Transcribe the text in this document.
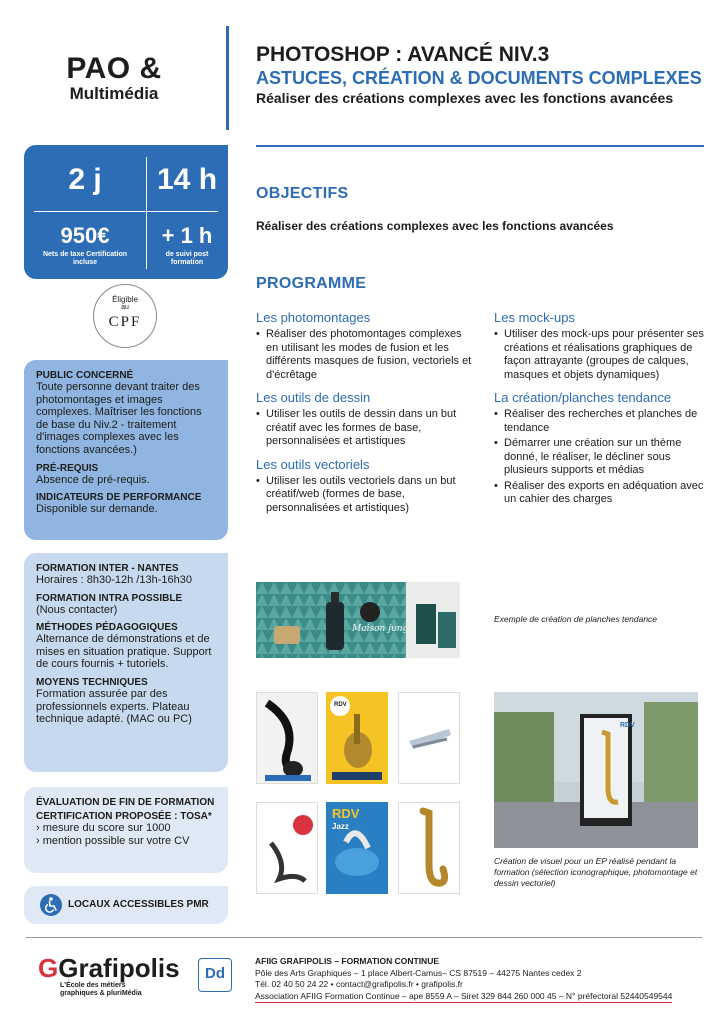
PAO &
Multimédia
PHOTOSHOP : AVANCÉ NIV.3
ASTUCES, CRÉATION & DOCUMENTS COMPLEXES
Réaliser des créations complexes avec les fonctions avancées
2 j	14 h
950€
Nets de taxe Certification incluse
+ 1 h
de suivi post formation
Éligible
au
CPF
PUBLIC CONCERNÉ

Toute personne devant traiter des photomontages et images complexes. Maîtriser les fonctions de base du Niv.2 - traitement d'images complexes avec les fonctions avancées.)

PRÉ-REQUIS

Absence de pré-requis.

INDICATEURS DE PERFORMANCE

Disponible sur demande.

FORMATION INTER - NANTES

Horaires : 8h30-12h /13h-16h30

FORMATION INTRA POSSIBLE

(Nous contacter)

MÉTHODES PÉDAGOGIQUES

Alternance de démonstrations et de mises en situation pratique. Support de cours fournis + tutoriels.

MOYENS TECHNIQUES

Formation assurée par des professionnels experts. Plateau technique adapté. (MAC ou PC)

ÉVALUATION DE FIN DE FORMATION
CERTIFICATION PROPOSÉE : TOSA*

› mesure du score sur 1000

› mention possible sur votre CV

LOCAUX ACCESSIBLES PMR
OBJECTIFS
Réaliser des créations complexes avec les fonctions avancées
PROGRAMME
Les photomontages
• Réaliser des photomontages complexes en utilisant les modes de fusion et les différents masques de fusion, vectoriels et d'écrêtage
Les outils de dessin
• Utiliser les outils de dessin dans un but créatif avec les formes de base, personnalisées et artistiques
Les outils vectoriels
• Utiliser les outils vectoriels dans un but créatif/web (formes de base, personnalisées et artistiques)
Les mock-ups
• Utiliser des mock-ups pour présenter ses créations et réalisations graphiques de façon attrayante (groupes de calques, masques et objets dynamiques)
La création/planches tendance
• Réaliser des recherches et planches de tendance
• Démarrer une création sur un thème donné, le réaliser, le décliner sous plusieurs supports et médias
• Réaliser des exports en adéquation avec un cahier des charges
Maison jungle
Exemple de création de planches tendance
RDV
RDV
Jazz
RDV
Création de visuel pour un EP réalisé pendant la formation (sélection iconographique, photomontage et dessin vectoriel)
GGrafipolis
L'École des métiers
graphiques & pluriMédia
Dd
AFIIG GRAFIPOLIS – FORMATION CONTINUE
Pôle des Arts Graphiques – 1 place Albert-Camus– CS 87519 – 44275 Nantes cedex 2
Tél. 02 40 50 24 22 • contact@grafipolis.fr • grafipolis.fr
Association AFIIG Formation Continue – ape 8559 A – Siret 329 844 260 000 45 – N° préfectoral 52440549544
